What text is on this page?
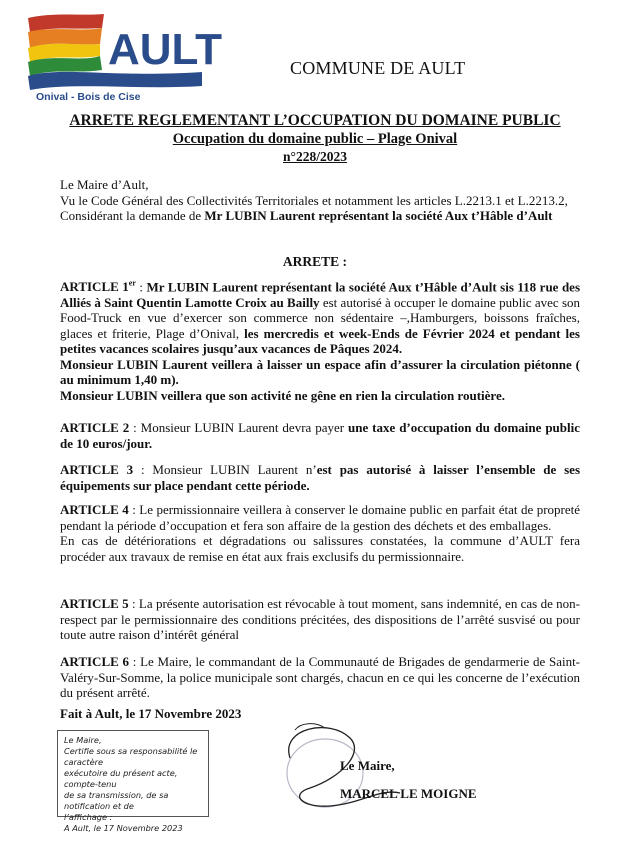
AULT
Onival - Bois de Cise
COMMUNE DE AULT
ARRETE REGLEMENTANT L’OCCUPATION DU DOMAINE PUBLIC
Occupation du domaine public – Plage Onival
n°228/2023
Le Maire d’Ault,
Vu le Code Général des Collectivités Territoriales et notamment les articles L.2213.1 et L.2213.2,
Considérant la demande de Mr LUBIN Laurent représentant la société Aux t’Hâble d’Ault
ARRETE :
ARTICLE 1er : Mr LUBIN Laurent représentant la société Aux t’Hâble d’Ault sis 118 rue des Alliés à Saint Quentin Lamotte Croix au Bailly est autorisé à occuper le domaine public avec son Food-Truck en vue d’exercer son commerce non sédentaire –,Hamburgers, boissons fraîches, glaces et friterie, Plage d’Onival, les mercredis et week-Ends de Février 2024 et pendant les petites vacances scolaires jusqu’aux vacances de Pâques 2024.
Monsieur LUBIN Laurent veillera à laisser un espace afin d’assurer la circulation piétonne ( au minimum 1,40 m).
Monsieur LUBIN veillera que son activité ne gêne en rien la circulation routière.
ARTICLE 2 : Monsieur LUBIN Laurent devra payer une taxe d’occupation du domaine public de 10 euros/jour.
ARTICLE 3 : Monsieur LUBIN Laurent n’est pas autorisé à laisser l’ensemble de ses équipements sur place pendant cette période.
ARTICLE 4 : Le permissionnaire veillera à conserver le domaine public en parfait état de propreté pendant la période d’occupation et fera son affaire de la gestion des déchets et des emballages.
En cas de détériorations et dégradations ou salissures constatées, la commune d’AULT fera procéder aux travaux de remise en état aux frais exclusifs du permissionnaire.
ARTICLE 5 : La présente autorisation est révocable à tout moment, sans indemnité, en cas de non-respect par le permissionnaire des conditions précitées, des dispositions de l’arrêté susvisé ou pour toute autre raison d’intérêt général
ARTICLE 6 : Le Maire, le commandant de la Communauté de Brigades de gendarmerie de Saint-Valéry-Sur-Somme, la police municipale sont chargés, chacun en ce qui les concerne de l’exécution du présent arrêté.
Fait à Ault, le 17 Novembre 2023
Le Maire,
Certifie sous sa responsabilité le caractère
exécutoire du présent acte, compte-tenu
de sa transmission, de sa notification et de
l’affichage :
A Ault, le 17 Novembre 2023
Le Maire,
MARCEL LE MOIGNE
